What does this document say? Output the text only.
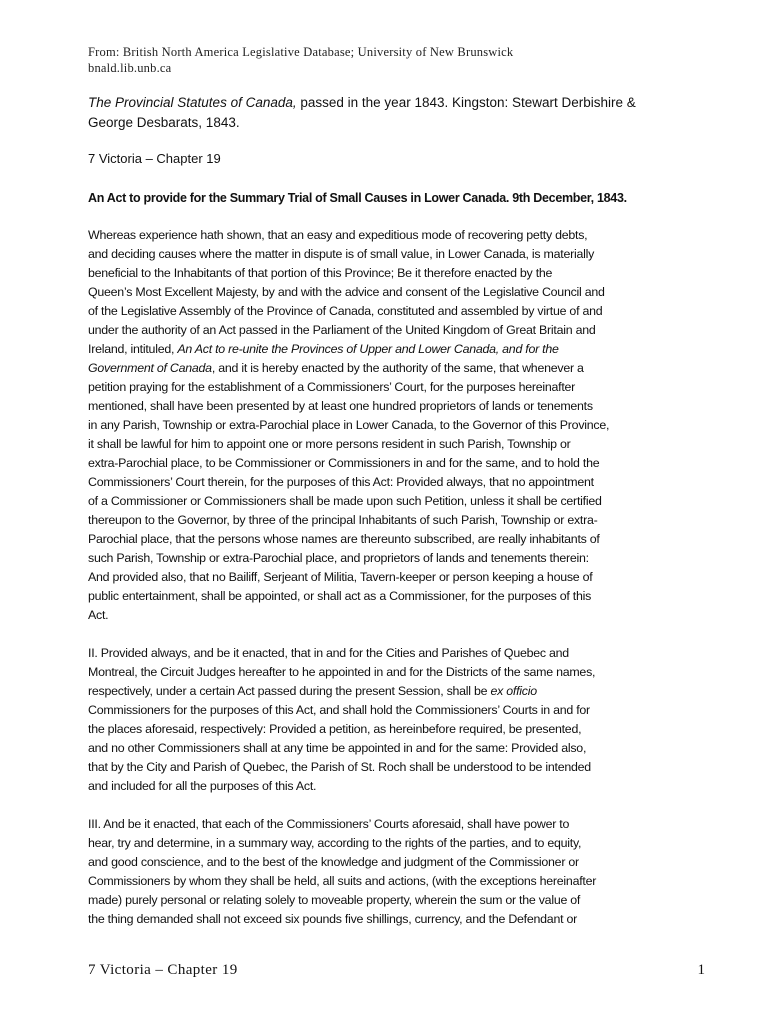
From: British North America Legislative Database; University of New Brunswick
bnald.lib.unb.ca
The Provincial Statutes of Canada, passed in the year 1843. Kingston: Stewart Derbishire &
George Desbarats, 1843.
7 Victoria – Chapter 19
An Act to provide for the Summary Trial of Small Causes in Lower Canada. 9th December, 1843.
Whereas experience hath shown, that an easy and expeditious mode of recovering petty debts,
and deciding causes where the matter in dispute is of small value, in Lower Canada, is materially
beneficial to the Inhabitants of that portion of this Province; Be it therefore enacted by the
Queen’s Most Excellent Majesty, by and with the advice and consent of the Legislative Council and
of the Legislative Assembly of the Province of Canada, constituted and assembled by virtue of and
under the authority of an Act passed in the Parliament of the United Kingdom of Great Britain and
Ireland, intituled, An Act to re-unite the Provinces of Upper and Lower Canada, and for the
Government of Canada, and it is hereby enacted by the authority of the same, that whenever a
petition praying for the establishment of a Commissioners’ Court, for the purposes hereinafter
mentioned, shall have been presented by at least one hundred proprietors of lands or tenements
in any Parish, Township or extra-Parochial place in Lower Canada, to the Governor of this Province,
it shall be lawful for him to appoint one or more persons resident in such Parish, Township or
extra-Parochial place, to be Commissioner or Commissioners in and for the same, and to hold the
Commissioners’ Court therein, for the purposes of this Act: Provided always, that no appointment
of a Commissioner or Commissioners shall be made upon such Petition, unless it shall be certified
thereupon to the Governor, by three of the principal Inhabitants of such Parish, Township or extra-
Parochial place, that the persons whose names are thereunto subscribed, are really inhabitants of
such Parish, Township or extra-Parochial place, and proprietors of lands and tenements therein:
And provided also, that no Bailiff, Serjeant of Militia, Tavern-keeper or person keeping a house of
public entertainment, shall be appointed, or shall act as a Commissioner, for the purposes of this
Act.
II. Provided always, and be it enacted, that in and for the Cities and Parishes of Quebec and
Montreal, the Circuit Judges hereafter to he appointed in and for the Districts of the same names,
respectively, under a certain Act passed during the present Session, shall be ex officio
Commissioners for the purposes of this Act, and shall hold the Commissioners’ Courts in and for
the places aforesaid, respectively: Provided a petition, as hereinbefore required, be presented,
and no other Commissioners shall at any time be appointed in and for the same: Provided also,
that by the City and Parish of Quebec, the Parish of St. Roch shall be understood to be intended
and included for all the purposes of this Act.
III. And be it enacted, that each of the Commissioners’ Courts aforesaid, shall have power to
hear, try and determine, in a summary way, according to the rights of the parties, and to equity,
and good conscience, and to the best of the knowledge and judgment of the Commissioner or
Commissioners by whom they shall be held, all suits and actions, (with the exceptions hereinafter
made) purely personal or relating solely to moveable property, wherein the sum or the value of
the thing demanded shall not exceed six pounds five shillings, currency, and the Defendant or
7 Victoria – Chapter 19	1
